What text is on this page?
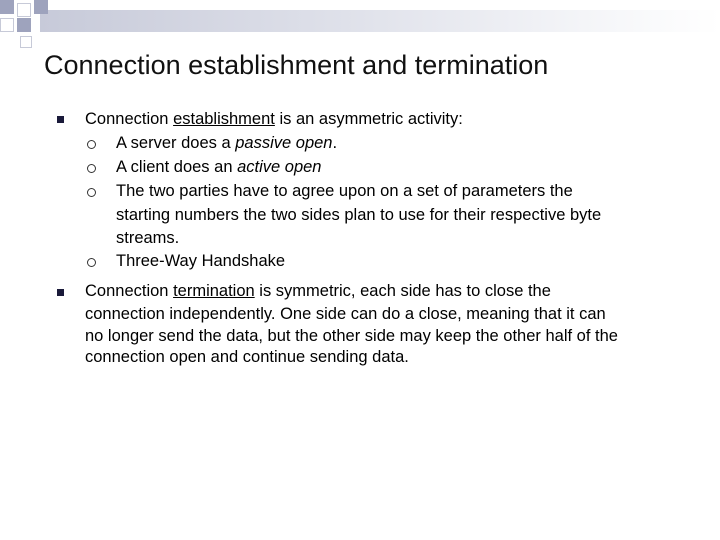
Connection establishment and termination
Connection establishment is an asymmetric activity:
A server does a passive open.
A client does an active open
The two parties have to agree upon on a set of parameters the
starting numbers the two sides plan to use for their respective byte
streams.
Three-Way Handshake
Connection termination is symmetric, each side has to close the
connection independently. One side can do a close, meaning that it can
no longer send the data, but the other side may keep the other half of the
connection open and continue sending data.
